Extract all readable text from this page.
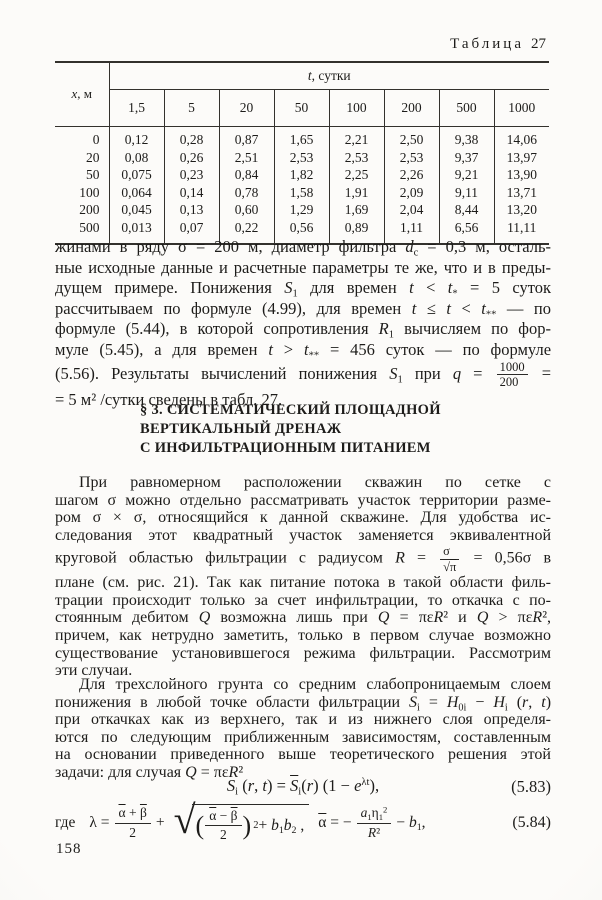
Таблица 27
x, м	t, сутки							
	1,5	5	20	50	100	200	500	1000
0	0,12	0,28	0,87	1,65	2,21	2,50	9,38	14,06
20	0,08	0,26	2,51	2,53	2,53	2,53	9,37	13,97
50	0,075	0,23	0,84	1,82	2,25	2,26	9,21	13,90
100	0,064	0,14	0,78	1,58	1,91	2,09	9,11	13,71
200	0,045	0,13	0,60	1,29	1,69	2,04	8,44	13,20
500	0,013	0,07	0,22	0,56	0,89	1,11	6,56	11,11
жинами в ряду σ = 200 м, диаметр фильтра $d_с = 0,3$ м, осталь-
ные исходные данные и расчетные параметры те же, что и в преды-
дущем примере. Понижения $S_1$ для времен $t < t_* = 5$ суток
рассчитываем по формуле (4.99), для времен $t \le t < t_{**}$ — по
формуле (5.44), в которой сопротивления $R_1$ вычисляем по фор-
муле (5.45), а для времен $t > t_{**} = 456$ суток — по формуле
(5.56). Результаты вычислений понижения $S_1$ при $q = \frac{1000}{200}$ =
= 5 м² /сутки сведены в табл. 27.
§ 3. СИСТЕМАТИЧЕСКИЙ ПЛОЩАДНОЙ
ВЕРТИКАЛЬНЫЙ ДРЕНАЖ
С ИНФИЛЬТРАЦИОННЫМ ПИТАНИЕМ
При равномерном расположении скважин по сетке с
шагом σ можно отдельно рассматривать участок территории разме-
ром σ × σ, относящийся к данной скважине. Для удобства ис-
следования этот квадратный участок заменяется эквивалентной
круговой областью фильтрации с радиусом $R = \frac{\sigma}{√\pi} = 0,56\sigma$ в
плане (см. рис. 21). Так как питание потока в такой области филь-
трации происходит только за счет инфильтрации, то откачка с по-
стоянным дебитом Q возможна лишь при Q = πεR² и Q > πεR²,
причем, как нетрудно заметить, только в первом случае возможно
существование установившегося режима фильтрации. Рассмотрим
эти случаи.
Для трехслойного грунта со средним слабопроницаемым слоем
понижения в любой точке области фильтрации $S_i = H_{0i} - H_i$ (r, t)
при откачках как из верхнего, так и из нижнего слоя определя-
ются по следующим приближенным зависимостям, составленным
на основании приведенного выше теоретического решения этой
задачи: для случая Q = πεR²
$S_i$ (r, $t) = \overline{S}_i(r) (1 - e^{\lambda t})$,	(5.83)
где $\lambda = \frac{\overline{\alpha} + \overline{\beta}}{2}$ + √ ( $\frac{\overline{\alpha} - \overline{\beta}}{2}$ ) $2 + b_1b_2$ , $\overline{\alpha}$ = − $\frac{a_1\eta_1^2}{\text{R²}} - b_1$,	(5.84)
158
